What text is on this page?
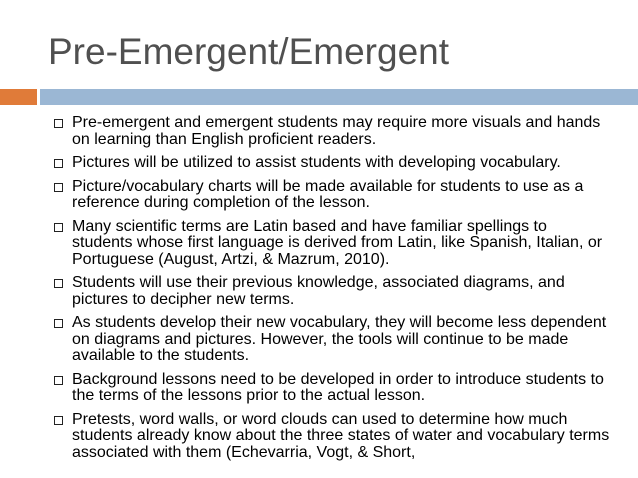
Pre-Emergent/Emergent
Pre-emergent and emergent students may require more visuals and hands on learning than English proficient readers.
Pictures will be utilized to assist students with developing vocabulary.
Picture/vocabulary charts will be made available for students to use as a reference during completion of the lesson.
Many scientific terms are Latin based and have familiar spellings to students whose first language is derived from Latin, like Spanish, Italian, or Portuguese (August, Artzi, & Mazrum, 2010).
Students will use their previous knowledge, associated diagrams, and pictures to decipher new terms.
As students develop their new vocabulary, they will become less dependent on diagrams and pictures. However, the tools will continue to be made available to the students.
Background lessons need to be developed in order to introduce students to the terms of the lessons prior to the actual lesson.
Pretests, word walls, or word clouds can used to determine how much students already know about the three states of water and vocabulary terms associated with them (Echevarria, Vogt, & Short,
